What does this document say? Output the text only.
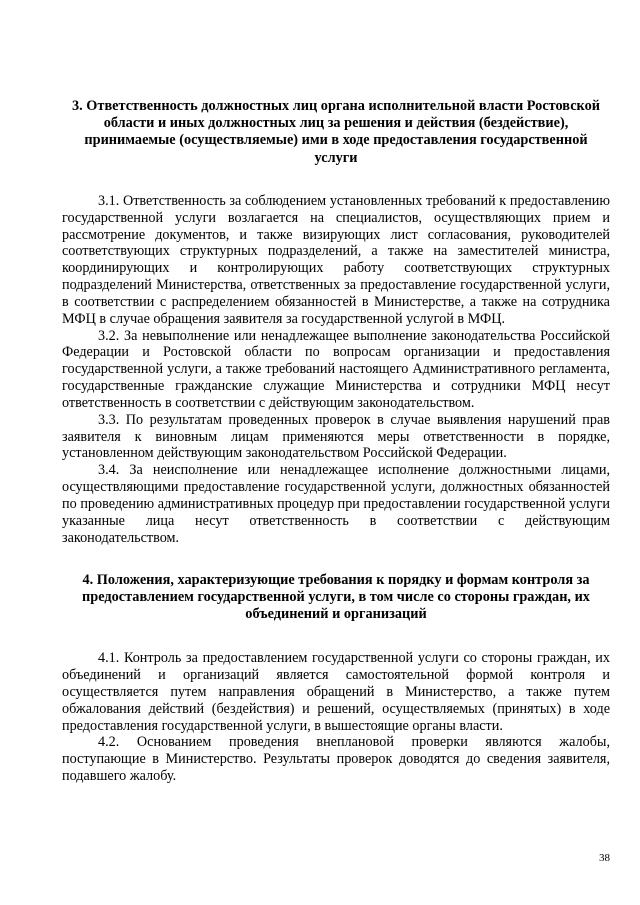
3. Ответственность должностных лиц органа исполнительной власти Ростовской области и иных должностных лиц за решения и действия (бездействие), принимаемые (осуществляемые) ими в ходе предоставления государственной услуги

3.1. Ответственность за соблюдением установленных требований к предоставлению государственной услуги возлагается на специалистов, осуществляющих прием и рассмотрение документов, и также визирующих лист согласования, руководителей соответствующих структурных подразделений, а также на заместителей министра, координирующих и контролирующих работу соответствующих структурных подразделений Министерства, ответственных за предоставление государственной услуги, в соответствии с распределением обязанностей в Министерстве, а также на сотрудника МФЦ в случае обращения заявителя за государственной услугой в МФЦ.

3.2. За невыполнение или ненадлежащее выполнение законодательства Российской Федерации и Ростовской области по вопросам организации и предоставления государственной услуги, а также требований настоящего Административного регламента, государственные гражданские служащие Министерства и сотрудники МФЦ несут ответственность в соответствии с действующим законодательством.

3.3. По результатам проведенных проверок в случае выявления нарушений прав заявителя к виновным лицам применяются меры ответственности в порядке, установленном действующим законодательством Российской Федерации.

3.4. За неисполнение или ненадлежащее исполнение должностными лицами, осуществляющими предоставление государственной услуги, должностных обязанностей по проведению административных процедур при предоставлении государственной услуги указанные лица несут ответственность в соответствии с действующим законодательством.

4. Положения, характеризующие требования к порядку и формам контроля за предоставлением государственной услуги, в том числе со стороны граждан, их объединений и организаций

4.1. Контроль за предоставлением государственной услуги со стороны граждан, их объединений и организаций является самостоятельной формой контроля и осуществляется путем направления обращений в Министерство, а также путем обжалования действий (бездействия) и решений, осуществляемых (принятых) в ходе предоставления государственной услуги, в вышестоящие органы власти.

4.2. Основанием проведения внеплановой проверки являются жалобы, поступающие в Министерство. Результаты проверок доводятся до сведения заявителя, подавшего жалобу.

38
